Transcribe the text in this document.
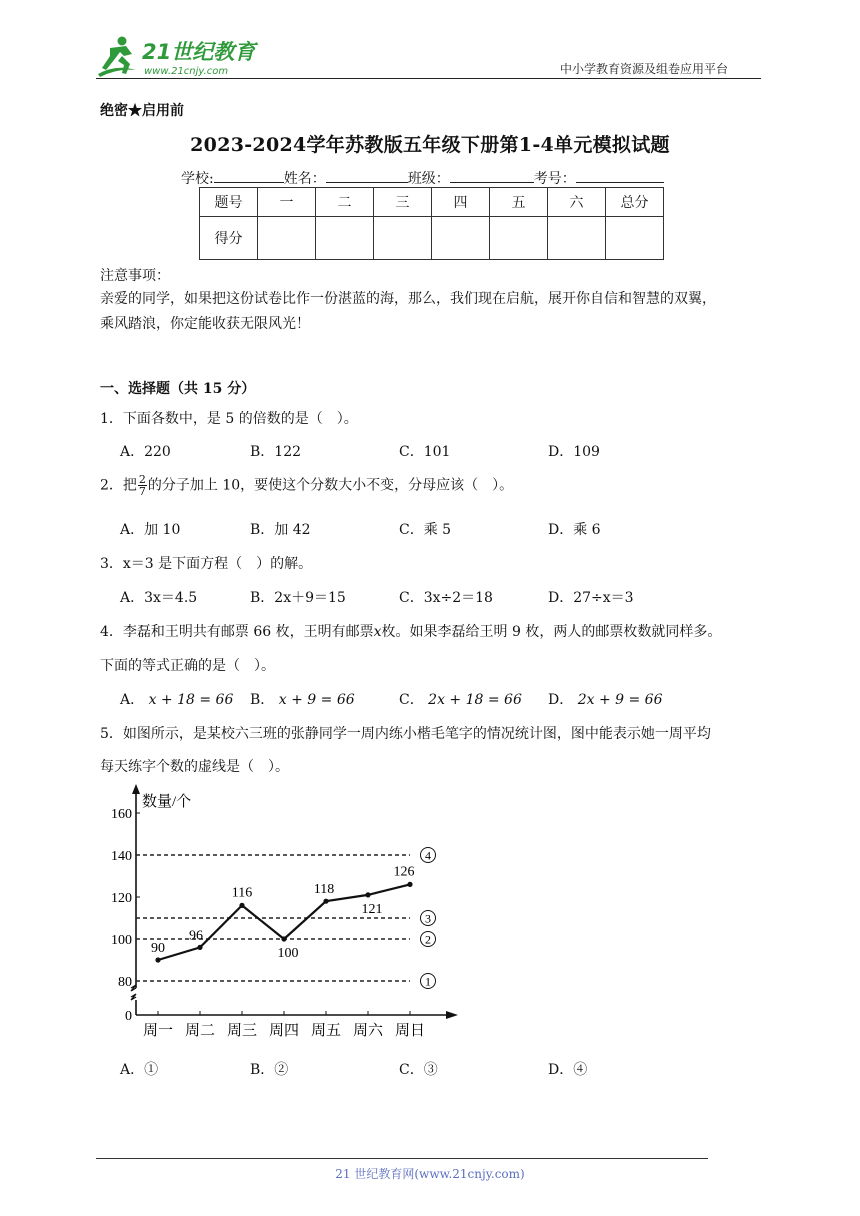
21世纪教育
www.21cnjy.com	中小学教育资源及组卷应用平台
绝密★启用前
2023-2024学年苏教版五年级下册第1-4单元模拟试题
学校:	姓名：	班级：	考号：
题号	一	二	三	四	五	六	总分
得分							
注意事项：
亲爱的同学，如果把这份试卷比作一份湛蓝的海，那么，我们现在启航，展开你自信和智慧的双翼，
乘风踏浪，你定能收获无限风光！
一、选择题（共 15 分）
1．下面各数中，是 5 的倍数的是（　）。
A．220	B．122	C．101	D．109
2．把 $\frac{2}{7}$ 的分子加上 10，要使这个分数大小不变，分母应该（　）。
A．加 10	B．加 42	C．乘 5	D．乘 6
3．x＝3 是下面方程（　）的解。
A．3x＝4.5	B．2x＋9＝15	C．3x÷2＝18	D．27÷x＝3
4．李磊和王明共有邮票 66 枚，王明有邮票x枚。如果李磊给王明 9 枚，两人的邮票枚数就同样多。
下面的等式正确的是（　）。
A． x + 18 = 66 B． x + 9 = 66	C． 2x + 18 = 66 D． 2x + 9 = 66
5．如图所示，是某校六三班的张静同学一周内练小楷毛笔字的情况统计图，图中能表示她一周平均
每天练字个数的虚线是（　）。
数量/个
0
80
100
120
140
160
1
2
3
4
周一 周二 周三 周四 周五 周六 周日
90
96
116
100
118
121
126
A．①	B．②	C．③	D．④
21 世纪教育网(www.21cnjy.com)
